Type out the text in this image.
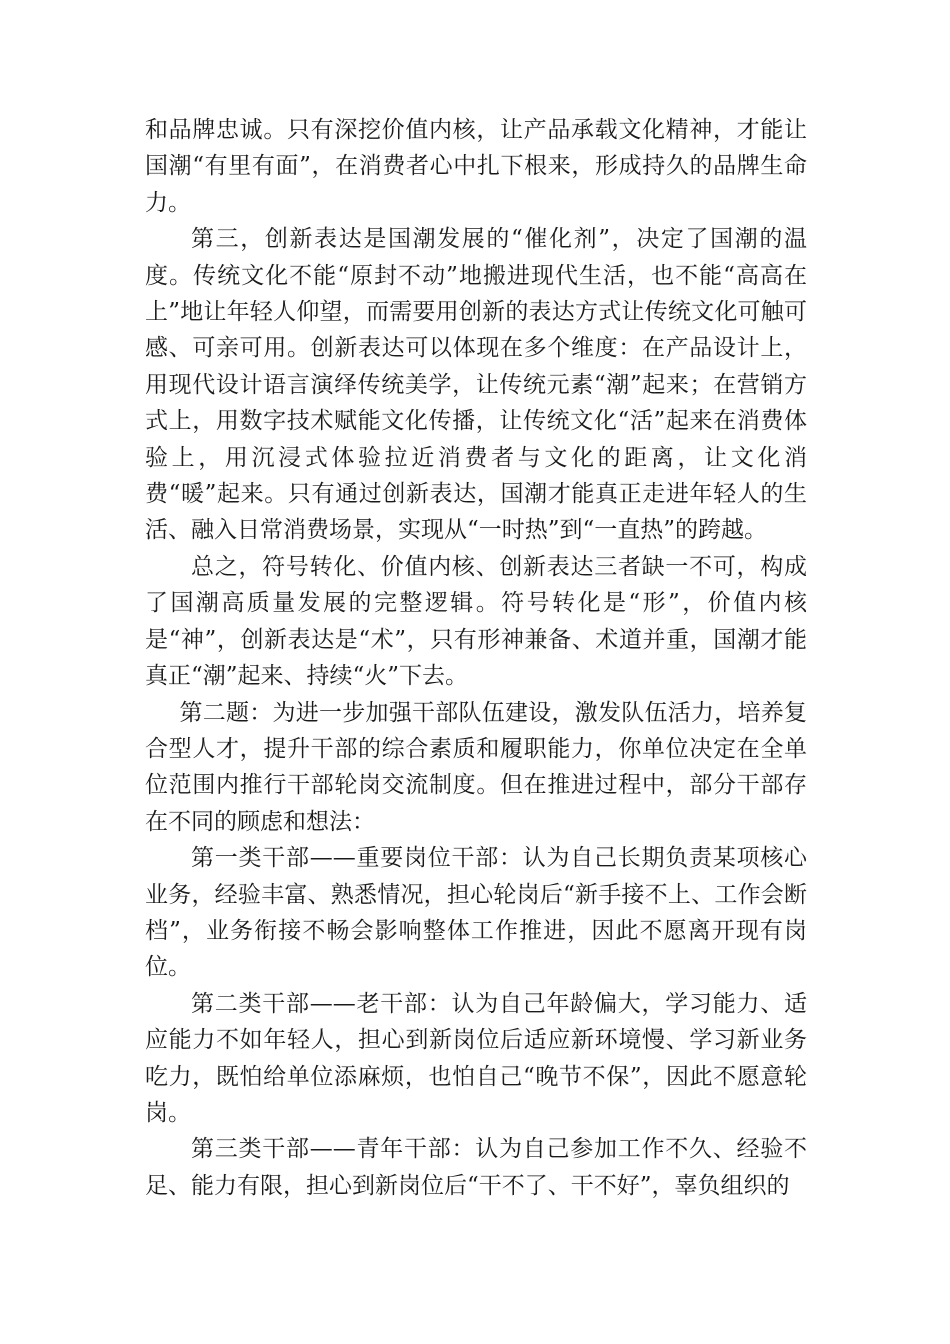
和品牌忠诚。只有深挖价值内核，让产品承载文化精神，才能让国潮“有里有面”，在消费者心中扎下根来，形成持久的品牌生命力。

第三，创新表达是国潮发展的“催化剂”，决定了国潮的温度。传统文化不能“原封不动”地搬进现代生活，也不能“高高在上”地让年轻人仰望，而需要用创新的表达方式让传统文化可触可感、可亲可用。创新表达可以体现在多个维度：在产品设计上，用现代设计语言演绎传统美学，让传统元素“潮”起来；在营销方式上，用数字技术赋能文化传播，让传统文化“活”起来在消费体验上，用沉浸式体验拉近消费者与文化的距离，让文化消费“暖”起来。只有通过创新表达，国潮才能真正走进年轻人的生活、融入日常消费场景，实现从“一时热”到“一直热”的跨越。

总之，符号转化、价值内核、创新表达三者缺一不可，构成了国潮高质量发展的完整逻辑。符号转化是“形”，价值内核是“神”，创新表达是“术”，只有形神兼备、术道并重，国潮才能真正“潮”起来、持续“火”下去。

第二题：为进一步加强干部队伍建设，激发队伍活力，培养复合型人才，提升干部的综合素质和履职能力，你单位决定在全单位范围内推行干部轮岗交流制度。但在推进过程中，部分干部存在不同的顾虑和想法：

第一类干部——重要岗位干部：认为自己长期负责某项核心业务，经验丰富、熟悉情况，担心轮岗后“新手接不上、工作会断档”，业务衔接不畅会影响整体工作推进，因此不愿离开现有岗位。

第二类干部——老干部：认为自己年龄偏大，学习能力、适应能力不如年轻人，担心到新岗位后适应新环境慢、学习新业务吃力，既怕给单位添麻烦，也怕自己“晚节不保”，因此不愿意轮岗。

第三类干部——青年干部：认为自己参加工作不久、经验不足、能力有限，担心到新岗位后“干不了、干不好”，辜负组织的
